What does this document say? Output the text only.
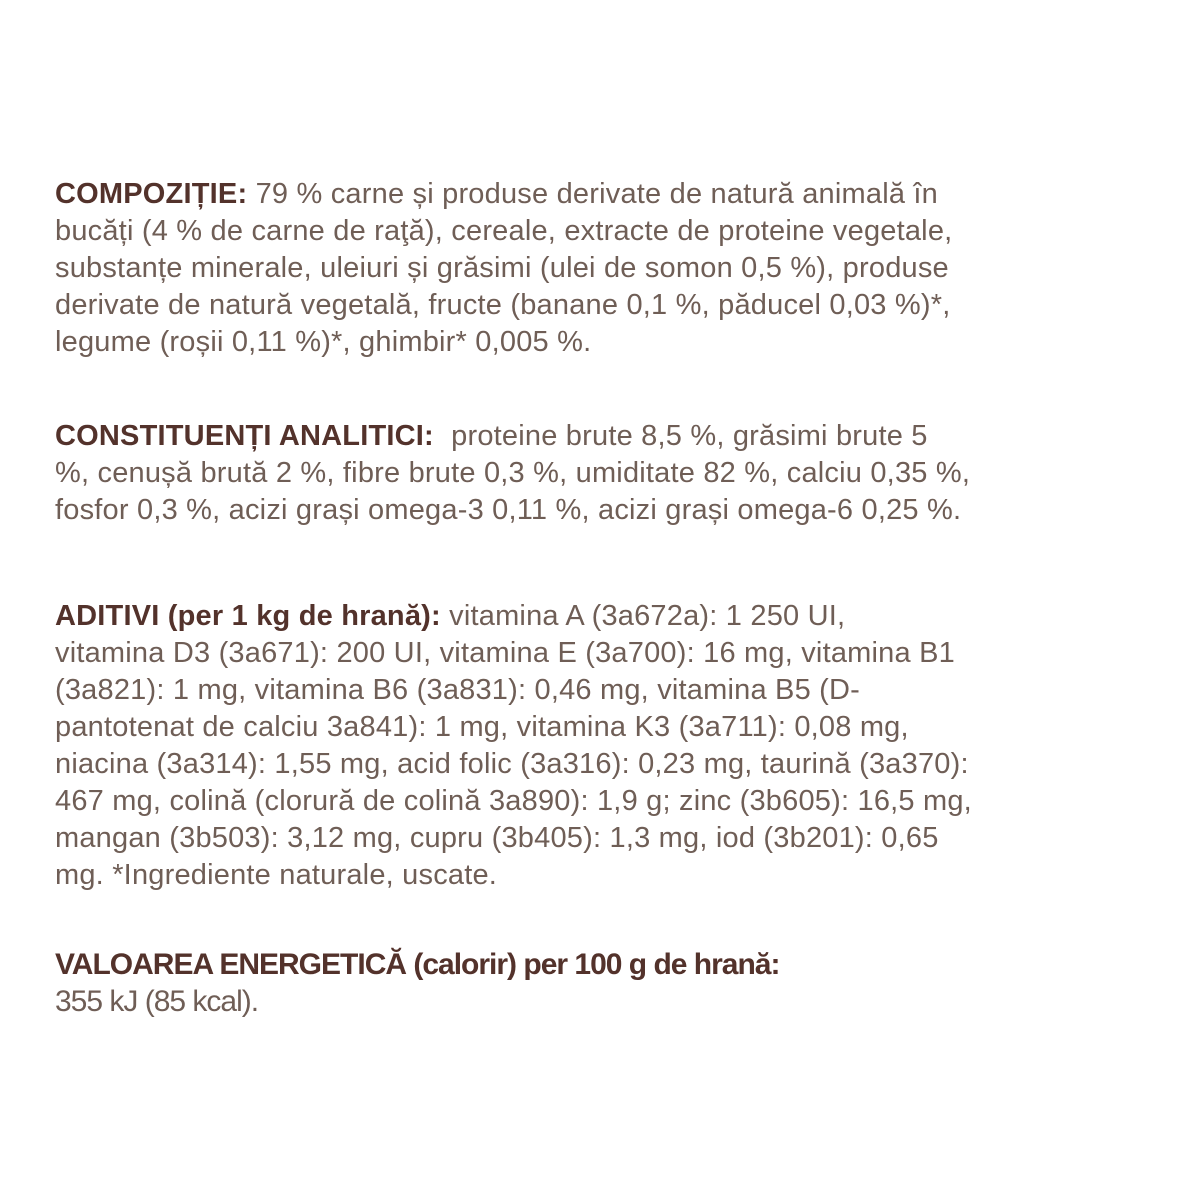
COMPOZIȚIE: 79 % carne și produse derivate de natură animală în
bucăți (4 % de carne de raţă), cereale, extracte de proteine vegetale,
substanțe minerale, uleiuri și grăsimi (ulei de somon 0,5 %), produse
derivate de natură vegetală, fructe (banane 0,1 %, păducel 0,03 %)*,
legume (roșii 0,11 %)*, ghimbir* 0,005 %.

CONSTITUENȚI ANALITICI: proteine brute 8,5 %, grăsimi brute 5
%, cenușă brută 2 %, fibre brute 0,3 %, umiditate 82 %, calciu 0,35 %,
fosfor 0,3 %, acizi grași omega-3 0,11 %, acizi grași omega-6 0,25 %.

ADITIVI (per 1 kg de hrană): vitamina A (3a672a): 1 250 UI,
vitamina D3 (3a671): 200 UI, vitamina E (3a700): 16 mg, vitamina B1
(3a821): 1 mg, vitamina B6 (3a831): 0,46 mg, vitamina B5 (D-
pantotenat de calciu 3a841): 1 mg, vitamina K3 (3a711): 0,08 mg,
niacina (3a314): 1,55 mg, acid folic (3a316): 0,23 mg, taurină (3a370):
467 mg, colină (clorură de colină 3a890): 1,9 g; zinc (3b605): 16,5 mg,
mangan (3b503): 3,12 mg, cupru (3b405): 1,3 mg, iod (3b201): 0,65
mg. *Ingrediente naturale, uscate.

VALOAREA ENERGETICĂ (calorir) per 100 g de hrană:
355 kJ (85 kcal).
